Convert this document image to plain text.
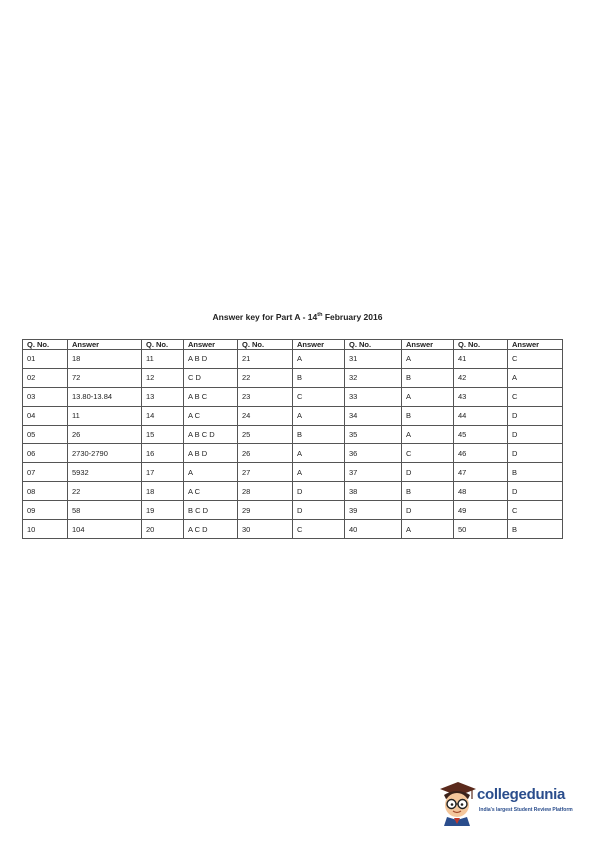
Answer key for Part A - 14th February 2016
Q. No.	Answer	Q. No.	Answer	Q. No.	Answer	Q. No.	Answer	Q. No.	Answer
01	18	11	A B D	21	A	31	A	41	C
02	72	12	C D	22	B	32	B	42	A
03	13.80-13.84	13	A B C	23	C	33	A	43	C
04	11	14	A C	24	A	34	B	44	D
05	26	15	A B C D	25	B	35	A	45	D
06	2730-2790	16	A B D	26	A	36	C	46	D
07	5932	17	A	27	A	37	D	47	B
08	22	18	A C	28	D	38	B	48	D
09	58	19	B C D	29	D	39	D	49	C
10	104	20	A C D	30	C	40	A	50	B
collegedunia
India's largest Student Review Platform
